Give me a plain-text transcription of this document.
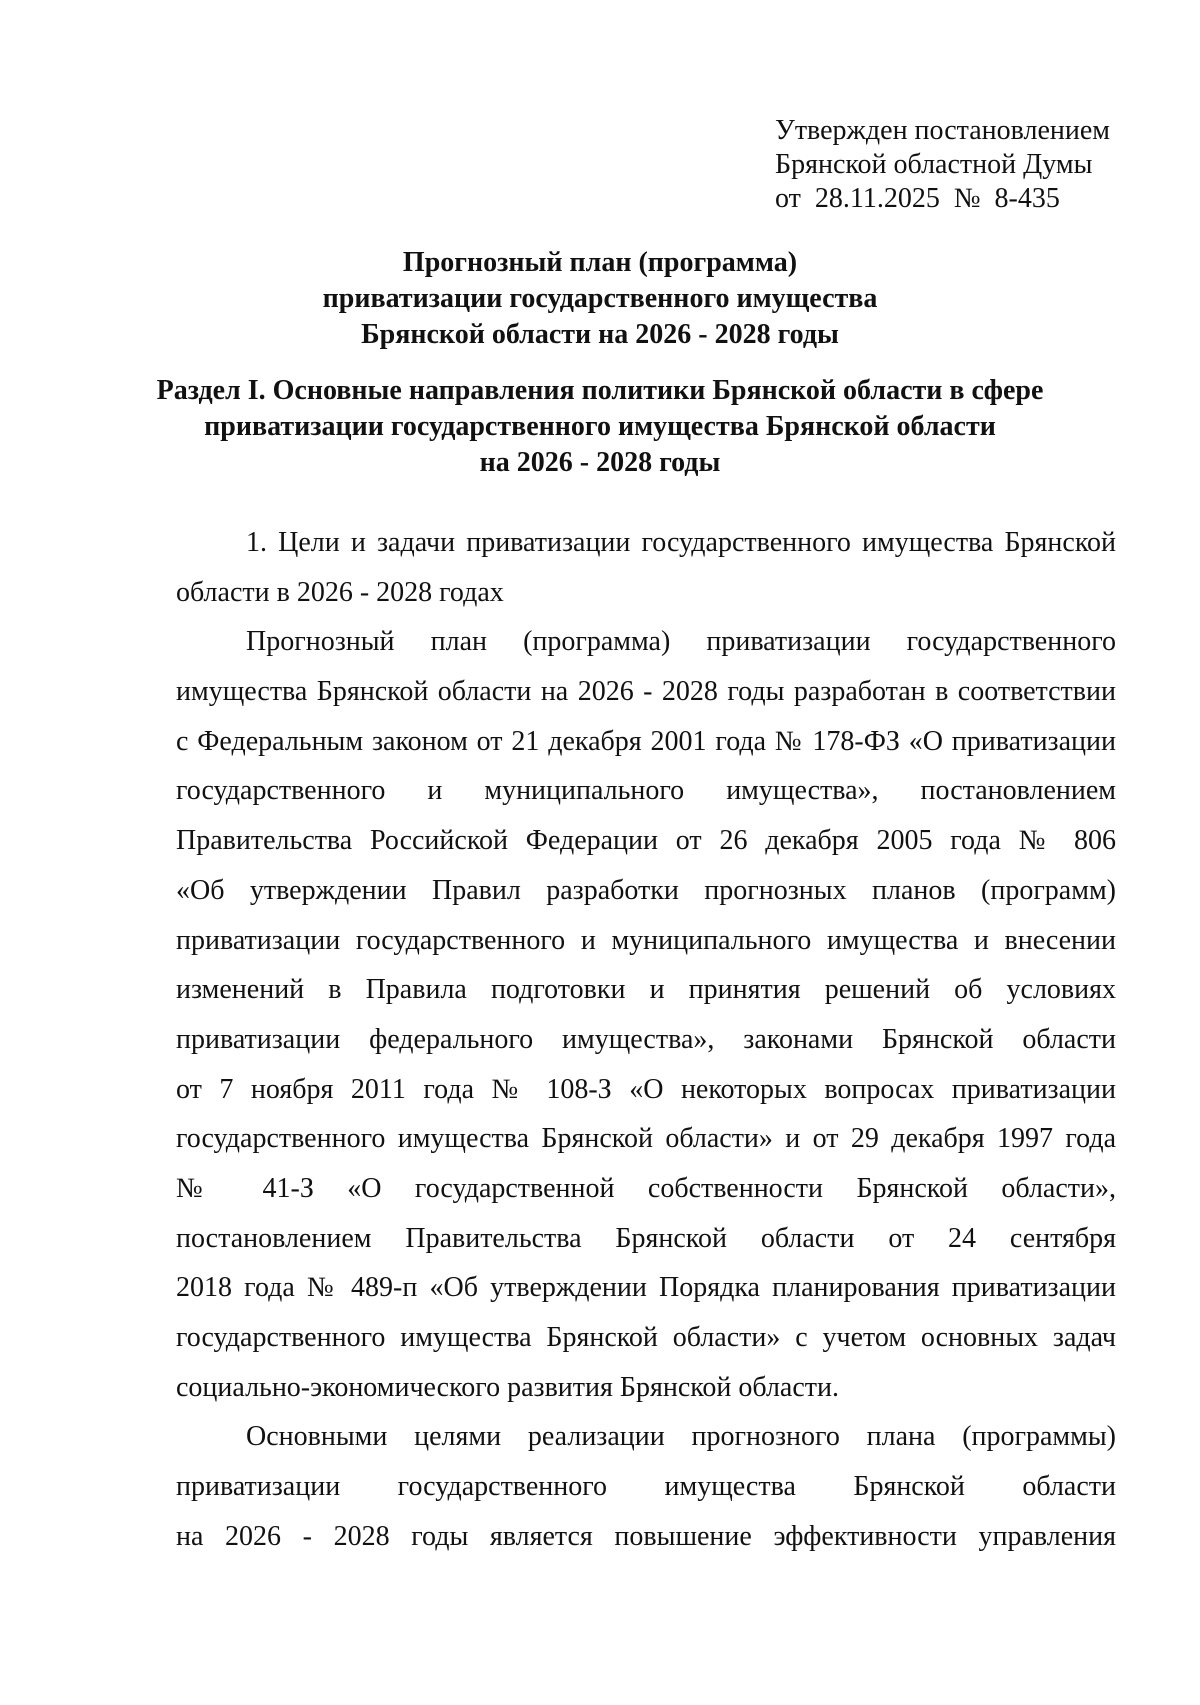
Утвержден постановлением
Брянской областной Думы
от  28.11.2025  №  8-435
Прогнозный план (программа)
приватизации государственного имущества
Брянской области на 2026 - 2028 годы
Раздел I. Основные направления политики Брянской области в сфере
приватизации государственного имущества Брянской области
на 2026 - 2028 годы
1. Цели и задачи приватизации государственного имущества Брянской
области в 2026 - 2028 годах
Прогнозный план (программа) приватизации государственного
имущества Брянской области на 2026 - 2028 годы разработан в соответствии
с Федеральным законом от 21 декабря 2001 года № 178-ФЗ «О приватизации
государственного и муниципального имущества», постановлением
Правительства Российской Федерации от 26 декабря 2005 года № 806
«Об утверждении Правил разработки прогнозных планов (программ)
приватизации государственного и муниципального имущества и внесении
изменений в Правила подготовки и принятия решений об условиях
приватизации федерального имущества», законами Брянской области
от 7 ноября 2011 года № 108-З «О некоторых вопросах приватизации
государственного имущества Брянской области» и от 29 декабря 1997 года
№ 41-З «О государственной собственности Брянской области»,
постановлением Правительства Брянской области от 24 сентября
2018 года № 489-п «Об утверждении Порядка планирования приватизации
государственного имущества Брянской области» с учетом основных задач
социально-экономического развития Брянской области.
Основными целями реализации прогнозного плана (программы)
приватизации государственного имущества Брянской области
на 2026 - 2028 годы является повышение эффективности управления
